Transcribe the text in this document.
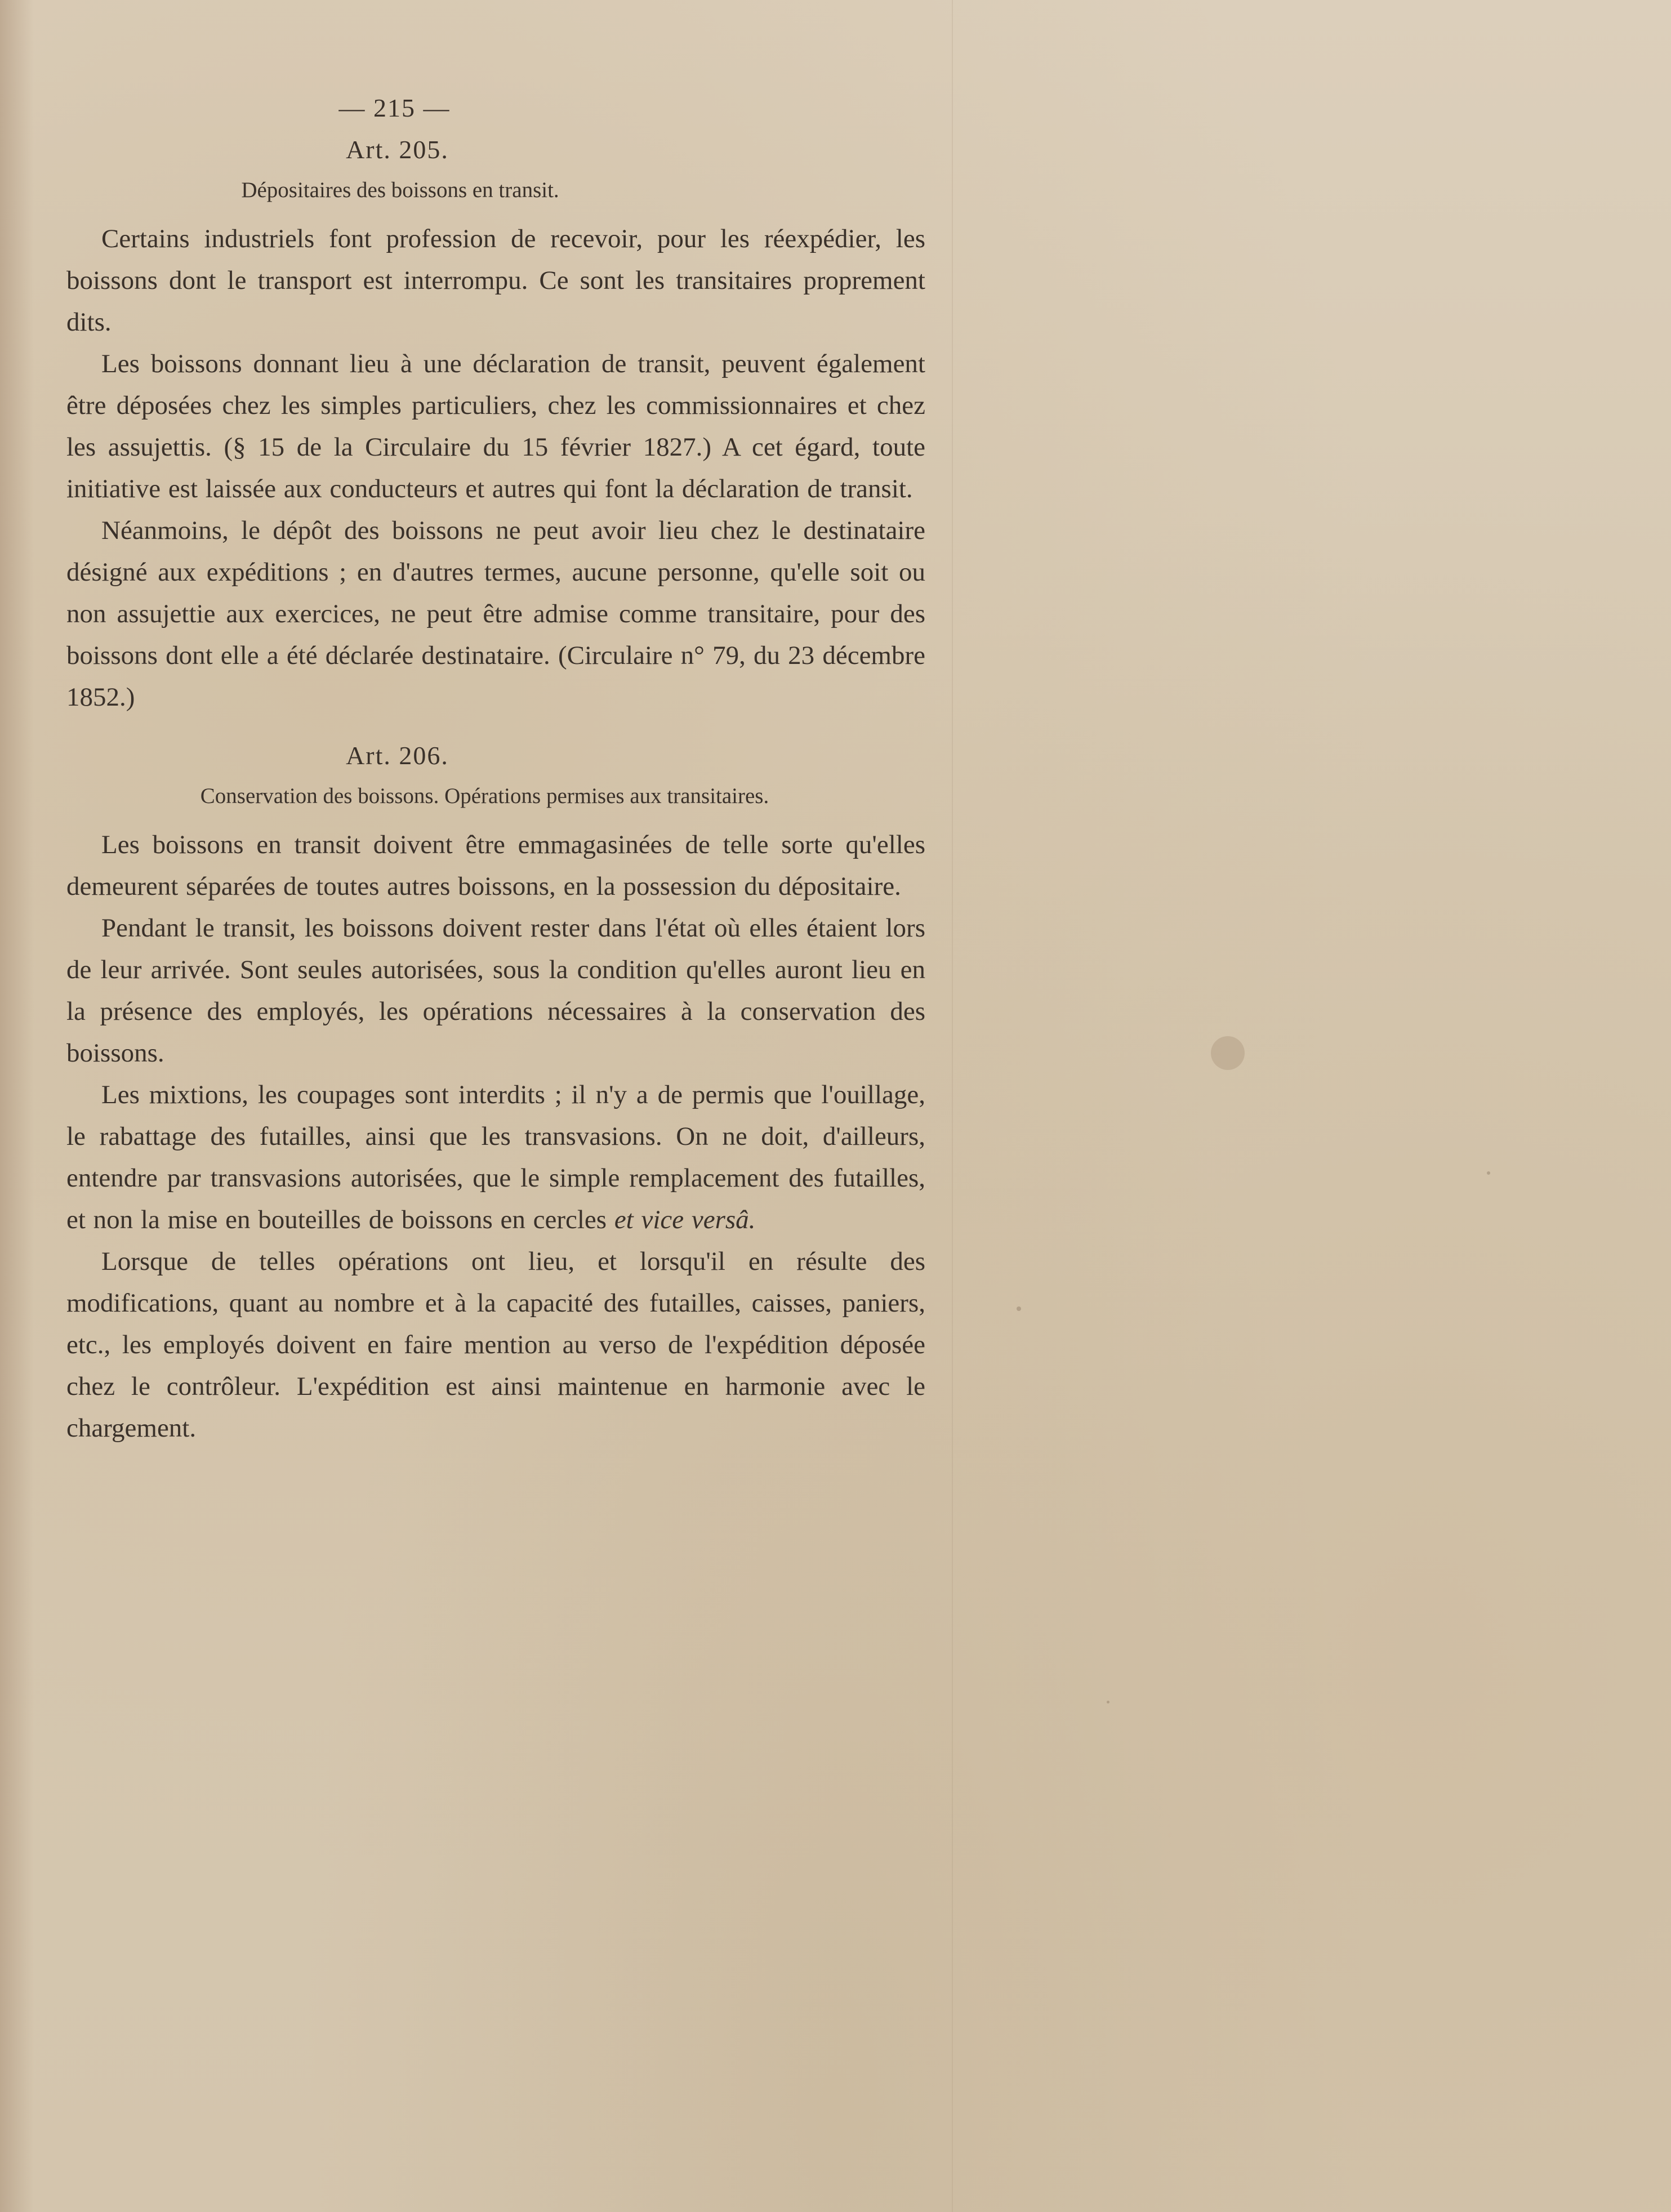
— 215 —
Art. 205.
Dépositaires des boissons en transit.

Certains industriels font profession de recevoir, pour les réexpédier, les boissons dont le transport est interrompu. Ce sont les transitaires proprement dits.

Les boissons donnant lieu à une déclaration de transit, peuvent également être déposées chez les simples particuliers, chez les commissionnaires et chez les assujettis. (§ 15 de la Circulaire du 15 février 1827.) A cet égard, toute initiative est laissée aux conducteurs et autres qui font la déclaration de transit.

Néanmoins, le dépôt des boissons ne peut avoir lieu chez le destinataire désigné aux expéditions ; en d'autres termes, aucune personne, qu'elle soit ou non assujettie aux exercices, ne peut être admise comme transitaire, pour des boissons dont elle a été déclarée destinataire. (Circulaire n° 79, du 23 décembre 1852.)

Art. 206.
Conservation des boissons. Opérations permises aux transitaires.

Les boissons en transit doivent être emmagasinées de telle sorte qu'elles demeurent séparées de toutes autres boissons, en la possession du dépositaire.

Pendant le transit, les boissons doivent rester dans l'état où elles étaient lors de leur arrivée. Sont seules autorisées, sous la condition qu'elles auront lieu en la présence des employés, les opérations nécessaires à la conservation des boissons.

Les mixtions, les coupages sont interdits ; il n'y a de permis que l'ouillage, le rabattage des futailles, ainsi que les transvasions. On ne doit, d'ailleurs, entendre par transvasions autorisées, que le simple remplacement des futailles, et non la mise en bouteilles de boissons en cercles et vice versâ.

Lorsque de telles opérations ont lieu, et lorsqu'il en résulte des modifications, quant au nombre et à la capacité des futailles, caisses, paniers, etc., les employés doivent en faire mention au verso de l'expédition déposée chez le contrôleur. L'expédition est ainsi maintenue en harmonie avec le chargement.
